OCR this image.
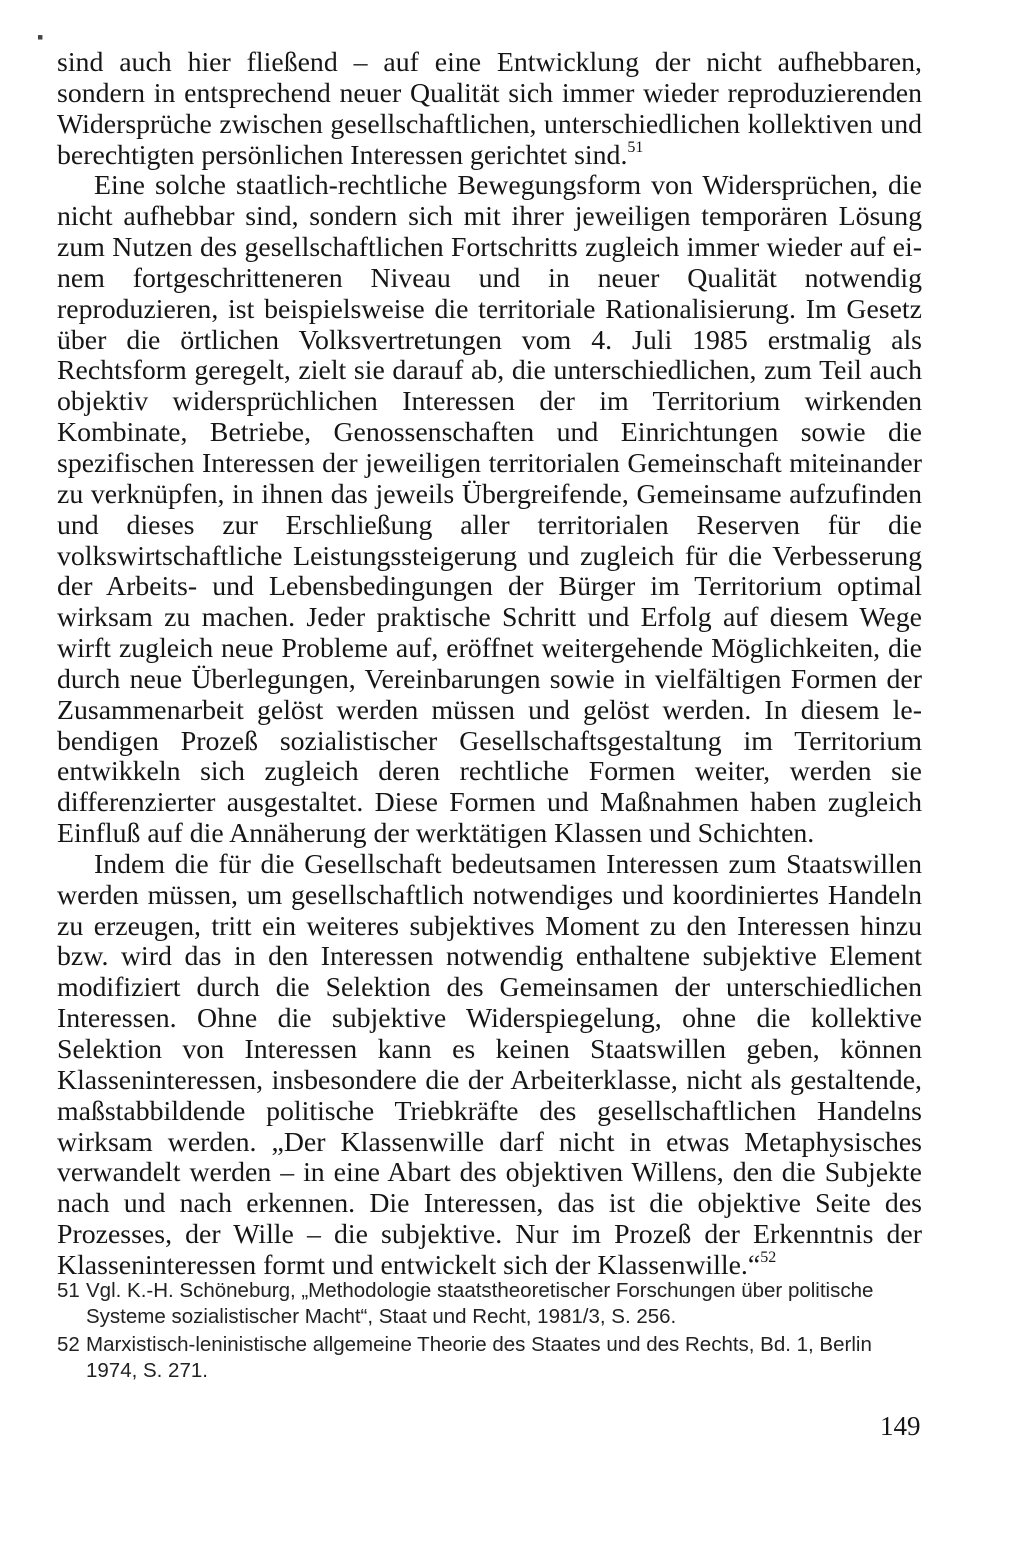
▪

sind auch hier fließend – auf eine Entwicklung der nicht aufhebbaren, sondern in entsprechend neuer Qualität sich immer wieder reproduzierenden Widersprüche zwischen gesellschaftlichen, unterschiedlichen kollektiven und berechtigten persönlichen Interessen gerichtet sind.$^{51}$

Eine solche staatlich-rechtliche Bewegungsform von Widersprüchen, die nicht aufhebbar sind, sondern sich mit ihrer jeweiligen temporären Lösung zum Nutzen des gesellschaftlichen Fortschritts zugleich immer wieder auf einem fortgeschritteneren Niveau und in neuer Qualität notwendig reproduzieren, ist beispielsweise die territoriale Rationalisierung. Im Gesetz über die örtlichen Volksvertretungen vom 4. Juli 1985 erstmalig als Rechtsform geregelt, zielt sie darauf ab, die unterschiedlichen, zum Teil auch objektiv widersprüchlichen Interessen der im Territorium wirkenden Kombinate, Betriebe, Genossenschaften und Einrichtungen sowie die spezifischen Interessen der jeweiligen territorialen Gemeinschaft miteinander zu verknüpfen, in ihnen das jeweils Übergreifende, Gemeinsame aufzufinden und dieses zur Erschließung aller territorialen Reserven für die volkswirtschaftliche Leistungssteigerung und zugleich für die Verbesserung der Arbeits- und Lebensbedingungen der Bürger im Territorium optimal wirksam zu machen. Jeder praktische Schritt und Erfolg auf diesem Wege wirft zugleich neue Probleme auf, eröffnet weitergehende Möglichkeiten, die durch neue Überlegungen, Vereinbarungen sowie in vielfältigen Formen der Zusammenarbeit gelöst werden müssen und gelöst werden. In diesem lebendigen Prozeß sozialistischer Gesellschaftsgestaltung im Territorium entwikkeln sich zugleich deren rechtliche Formen weiter, werden sie differenzierter ausgestaltet. Diese Formen und Maßnahmen haben zugleich Einfluß auf die Annäherung der werktätigen Klassen und Schichten.

Indem die für die Gesellschaft bedeutsamen Interessen zum Staatswillen werden müssen, um gesellschaftlich notwendiges und koordiniertes Handeln zu erzeugen, tritt ein weiteres subjektives Moment zu den Interessen hinzu bzw. wird das in den Interessen notwendig enthaltene subjektive Element modifiziert durch die Selektion des Gemeinsamen der unterschiedlichen Interessen. Ohne die subjektive Widerspiegelung, ohne die kollektive Selektion von Interessen kann es keinen Staatswillen geben, können Klasseninteressen, insbesondere die der Arbeiterklasse, nicht als gestaltende, maßstabbildende politische Triebkräfte des gesellschaftlichen Handelns wirksam werden. „Der Klassenwille darf nicht in etwas Metaphysisches verwandelt werden – in eine Abart des objektiven Willens, den die Subjekte nach und nach erkennen. Die Interessen, das ist die objektive Seite des Prozesses, der Wille – die subjektive. Nur im Prozeß der Erkenntnis der Klasseninteressen formt und entwickelt sich der Klassenwille.“$^{52}$

51 Vgl. K.-H. Schöneburg, „Methodologie staatstheoretischer Forschungen über politische Systeme sozialistischer Macht“, Staat und Recht, 1981/3, S. 256.
52 Marxistisch-leninistische allgemeine Theorie des Staates und des Rechts, Bd. 1, Berlin 1974, S. 271.
149
